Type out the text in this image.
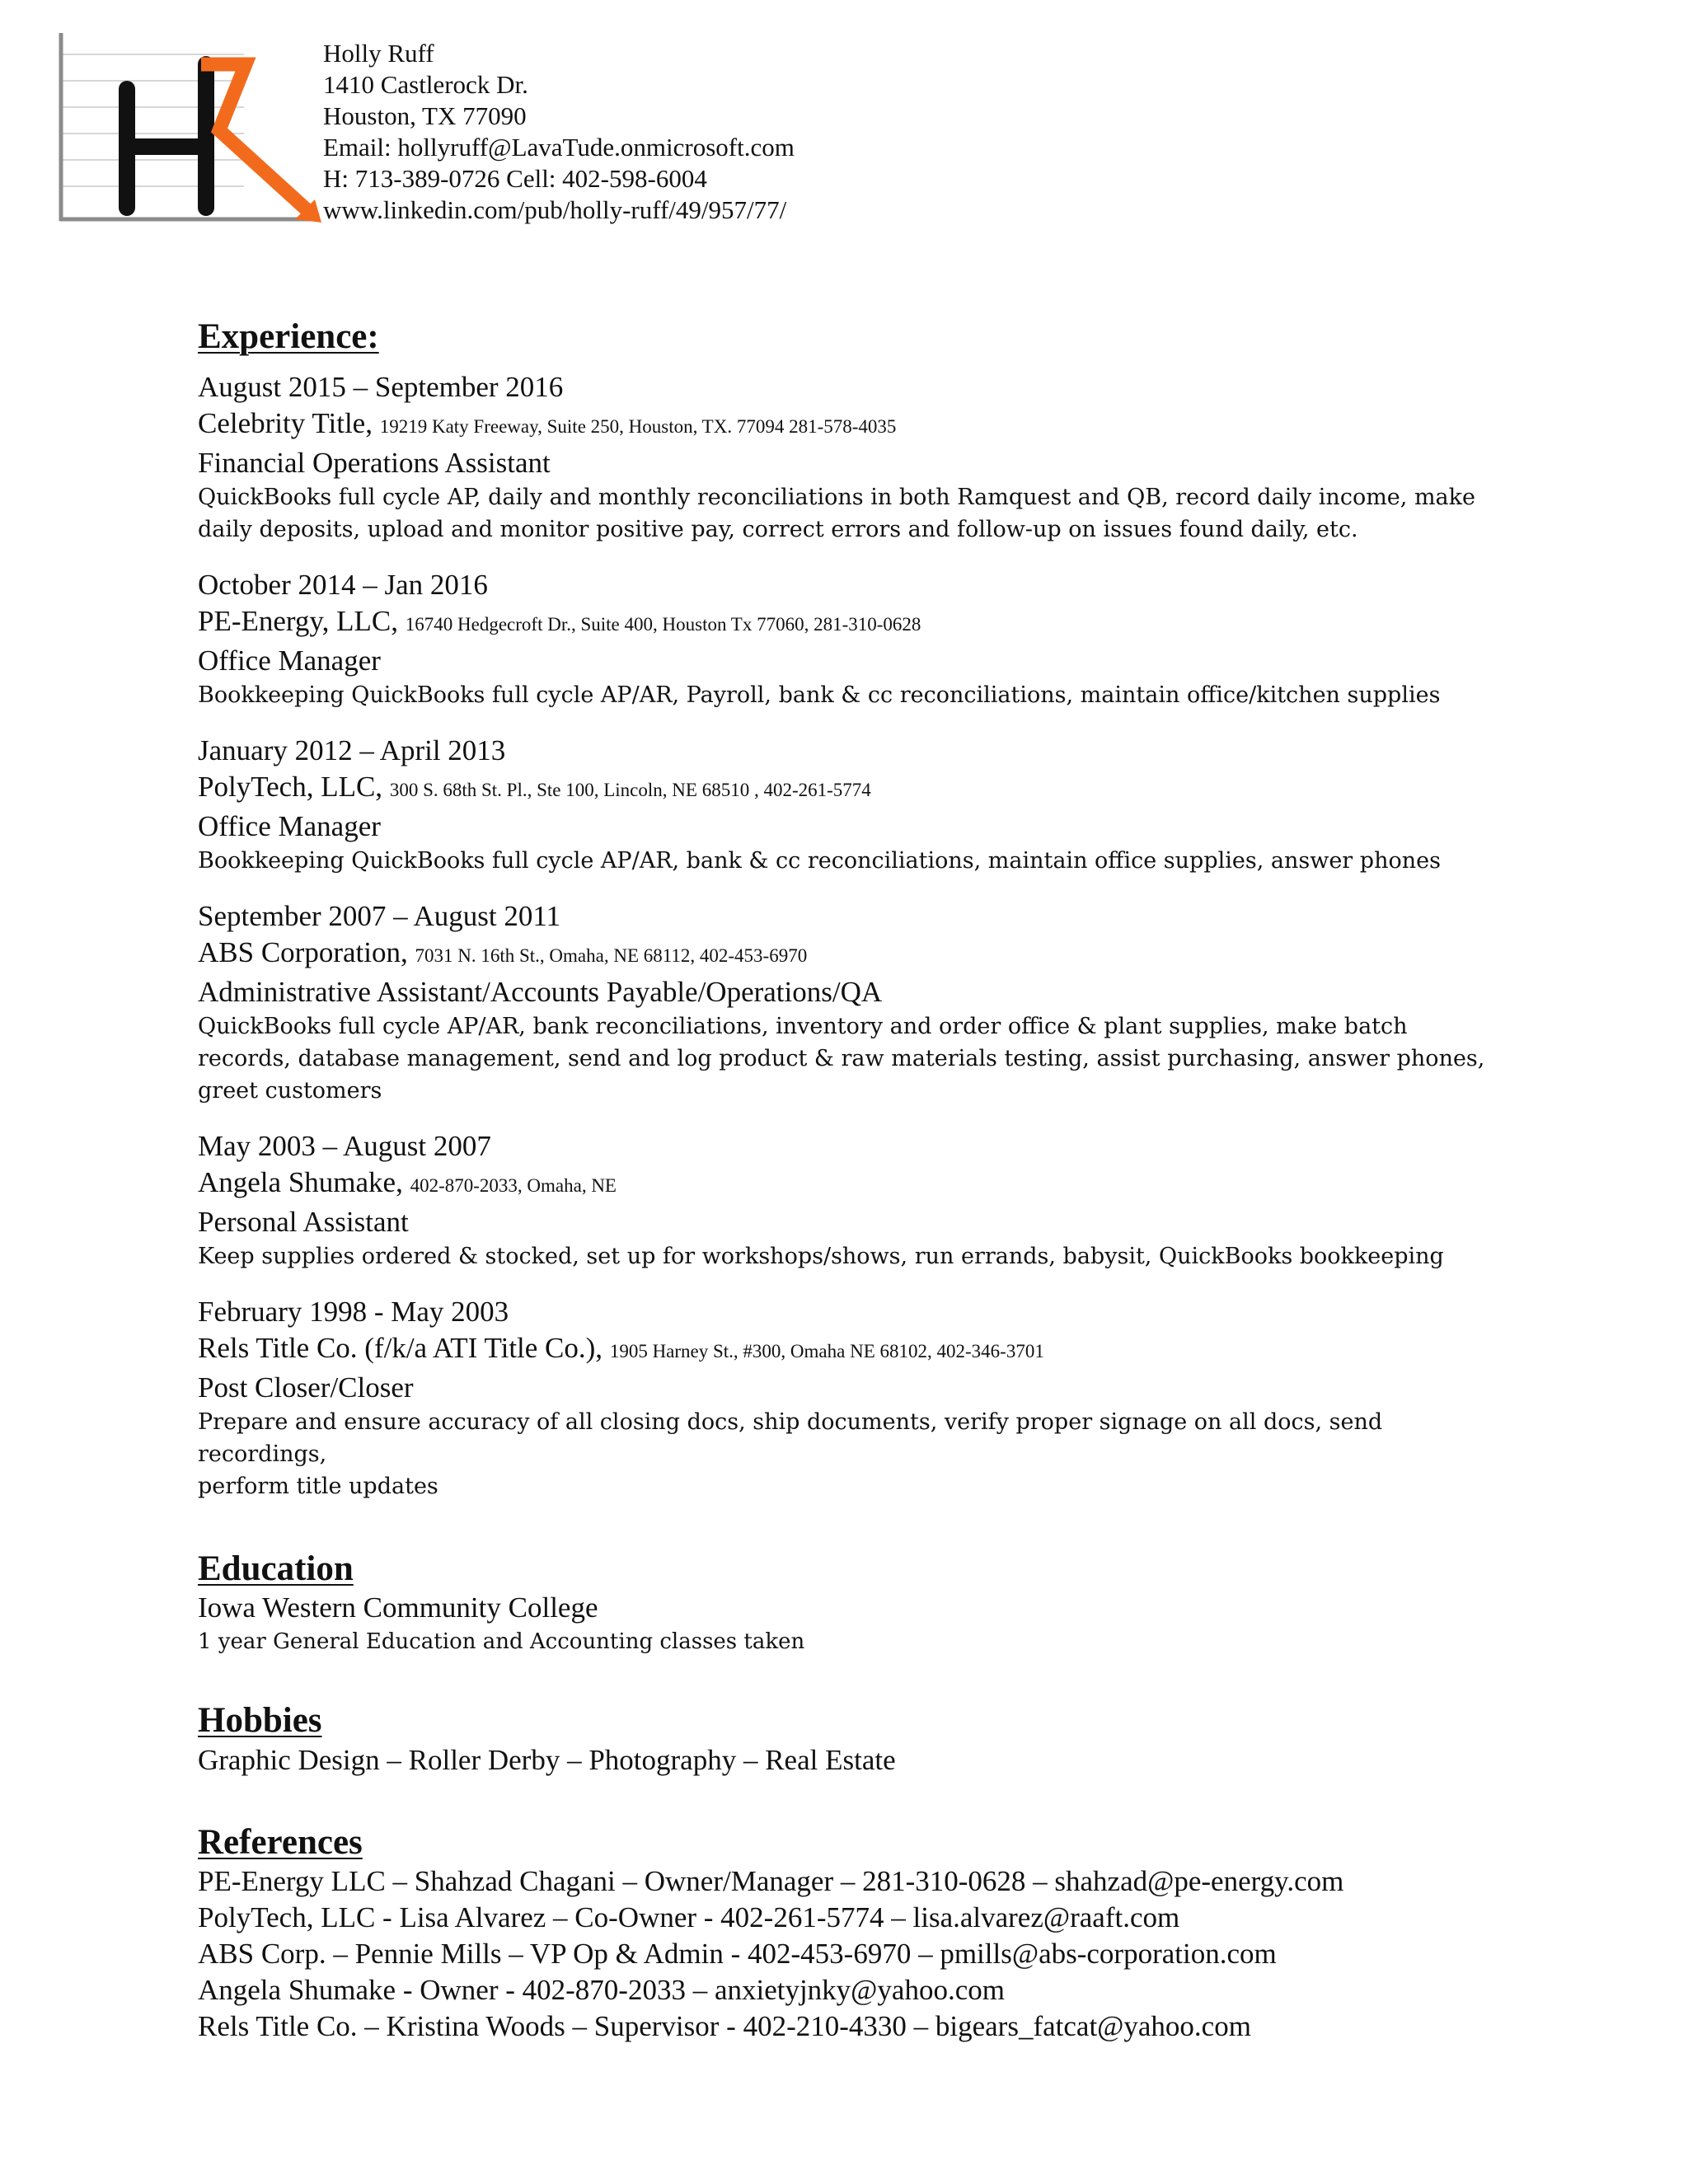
Holly Ruff
1410 Castlerock Dr.
Houston, TX 77090
Email: hollyruff@LavaTude.onmicrosoft.com
H: 713-389-0726 Cell: 402-598-6004
www.linkedin.com/pub/holly-ruff/49/957/77/
Experience:
August 2015 – September 2016
Celebrity Title, 19219 Katy Freeway, Suite 250, Houston, TX. 77094 281-578-4035
Financial Operations Assistant
QuickBooks full cycle AP, daily and monthly reconciliations in both Ramquest and QB, record daily income, make
daily deposits, upload and monitor positive pay, correct errors and follow-up on issues found daily, etc.
October 2014 – Jan 2016
PE-Energy, LLC, 16740 Hedgecroft Dr., Suite 400, Houston Tx 77060, 281-310-0628
Office Manager
Bookkeeping QuickBooks full cycle AP/AR, Payroll, bank & cc reconciliations, maintain office/kitchen supplies
January 2012 – April 2013
PolyTech, LLC, 300 S. 68th St. Pl., Ste 100, Lincoln, NE 68510 , 402-261-5774
Office Manager
Bookkeeping QuickBooks full cycle AP/AR, bank & cc reconciliations, maintain office supplies, answer phones
September 2007 – August 2011
ABS Corporation, 7031 N. 16th St., Omaha, NE 68112, 402-453-6970
Administrative Assistant/Accounts Payable/Operations/QA
QuickBooks full cycle AP/AR, bank reconciliations, inventory and order office & plant supplies, make batch
records, database management, send and log product & raw materials testing, assist purchasing, answer phones,
greet customers
May 2003 – August 2007
Angela Shumake, 402-870-2033, Omaha, NE
Personal Assistant
Keep supplies ordered & stocked, set up for workshops/shows, run errands, babysit, QuickBooks bookkeeping
February 1998 - May 2003
Rels Title Co. (f/k/a ATI Title Co.), 1905 Harney St., #300, Omaha NE 68102, 402-346-3701
Post Closer/Closer
Prepare and ensure accuracy of all closing docs, ship documents, verify proper signage on all docs, send recordings,
perform title updates
Education
Iowa Western Community College
1 year General Education and Accounting classes taken
Hobbies
Graphic Design – Roller Derby – Photography – Real Estate
References
PE-Energy LLC – Shahzad Chagani – Owner/Manager – 281-310-0628 – shahzad@pe-energy.com
PolyTech, LLC - Lisa Alvarez – Co-Owner - 402-261-5774 – lisa.alvarez@raaft.com
ABS Corp. – Pennie Mills – VP Op & Admin - 402-453-6970 – pmills@abs-corporation.com
Angela Shumake - Owner - 402-870-2033 – anxietyjnky@yahoo.com
Rels Title Co. – Kristina Woods – Supervisor - 402-210-4330 – bigears_fatcat@yahoo.com
